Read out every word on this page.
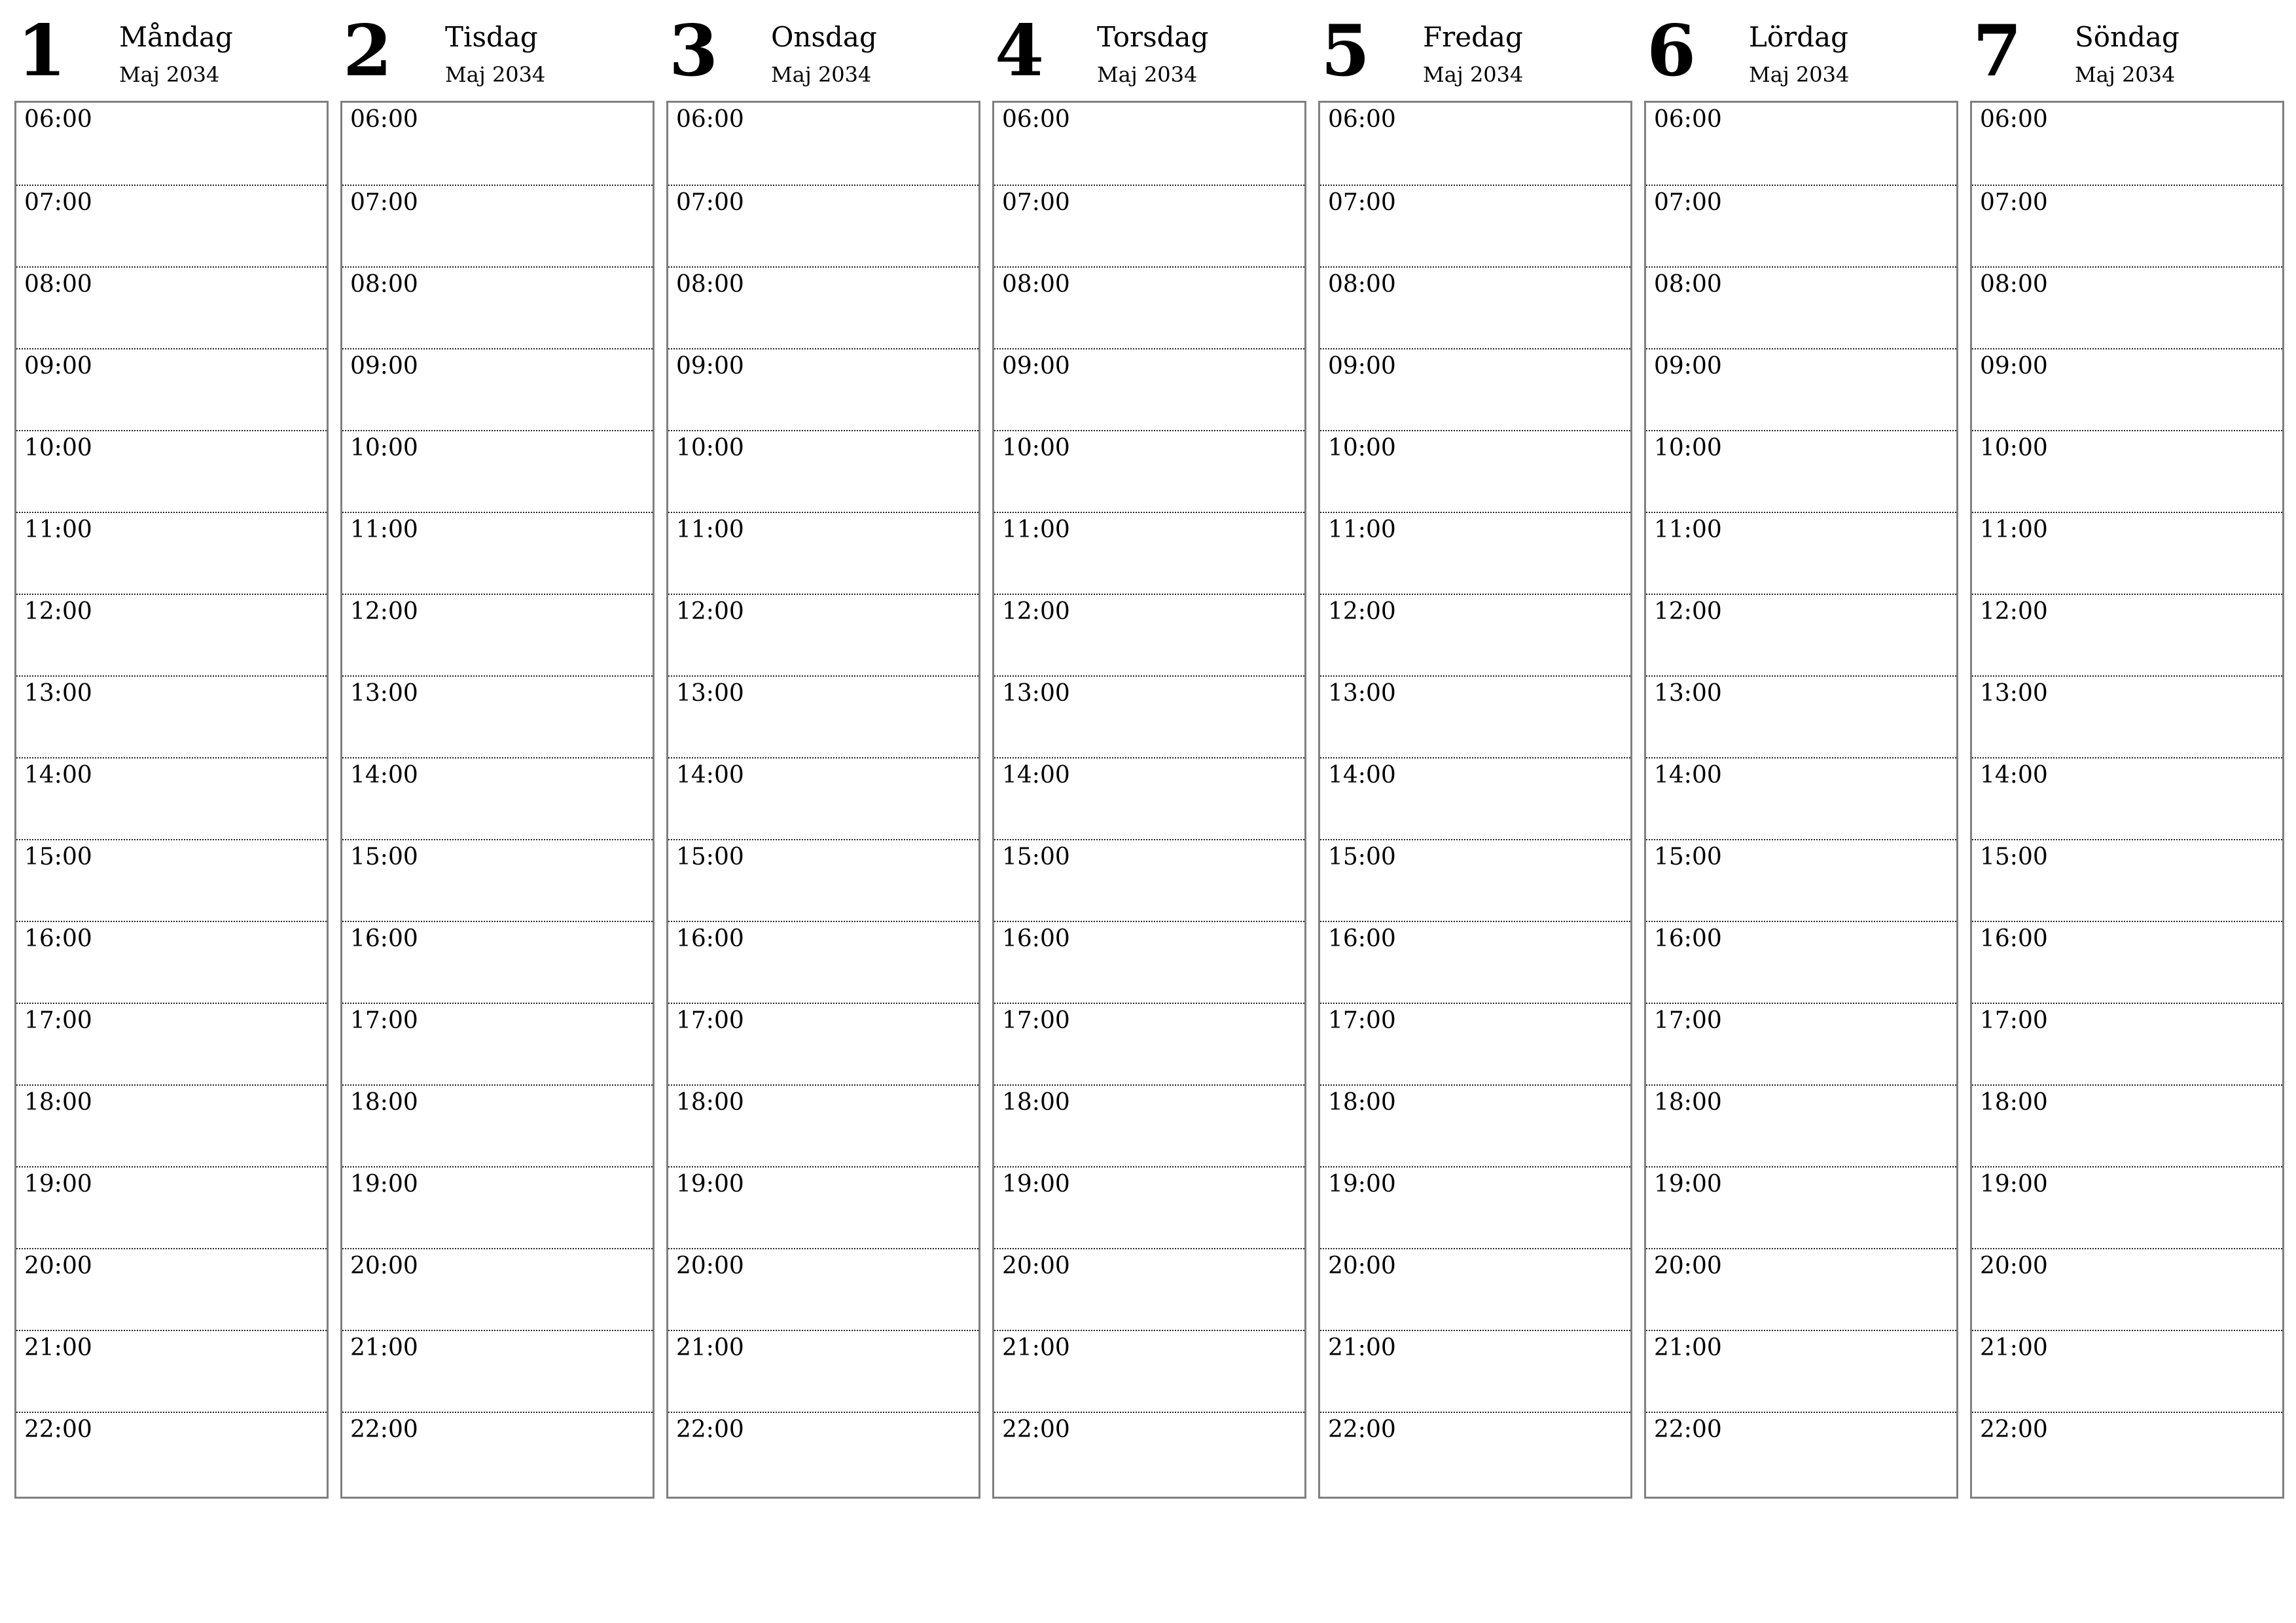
1 Måndag
Maj 2034
06:00
07:00
08:00
09:00
10:00
11:00
12:00
13:00
14:00
15:00
16:00
17:00
18:00
19:00
20:00
21:00
22:00
2 Tisdag
Maj 2034
06:00
07:00
08:00
09:00
10:00
11:00
12:00
13:00
14:00
15:00
16:00
17:00
18:00
19:00
20:00
21:00
22:00
3 Onsdag
Maj 2034
06:00
07:00
08:00
09:00
10:00
11:00
12:00
13:00
14:00
15:00
16:00
17:00
18:00
19:00
20:00
21:00
22:00
4 Torsdag
Maj 2034
06:00
07:00
08:00
09:00
10:00
11:00
12:00
13:00
14:00
15:00
16:00
17:00
18:00
19:00
20:00
21:00
22:00
5 Fredag
Maj 2034
06:00
07:00
08:00
09:00
10:00
11:00
12:00
13:00
14:00
15:00
16:00
17:00
18:00
19:00
20:00
21:00
22:00
6 Lördag
Maj 2034
06:00
07:00
08:00
09:00
10:00
11:00
12:00
13:00
14:00
15:00
16:00
17:00
18:00
19:00
20:00
21:00
22:00
7 Söndag
Maj 2034
06:00
07:00
08:00
09:00
10:00
11:00
12:00
13:00
14:00
15:00
16:00
17:00
18:00
19:00
20:00
21:00
22:00
